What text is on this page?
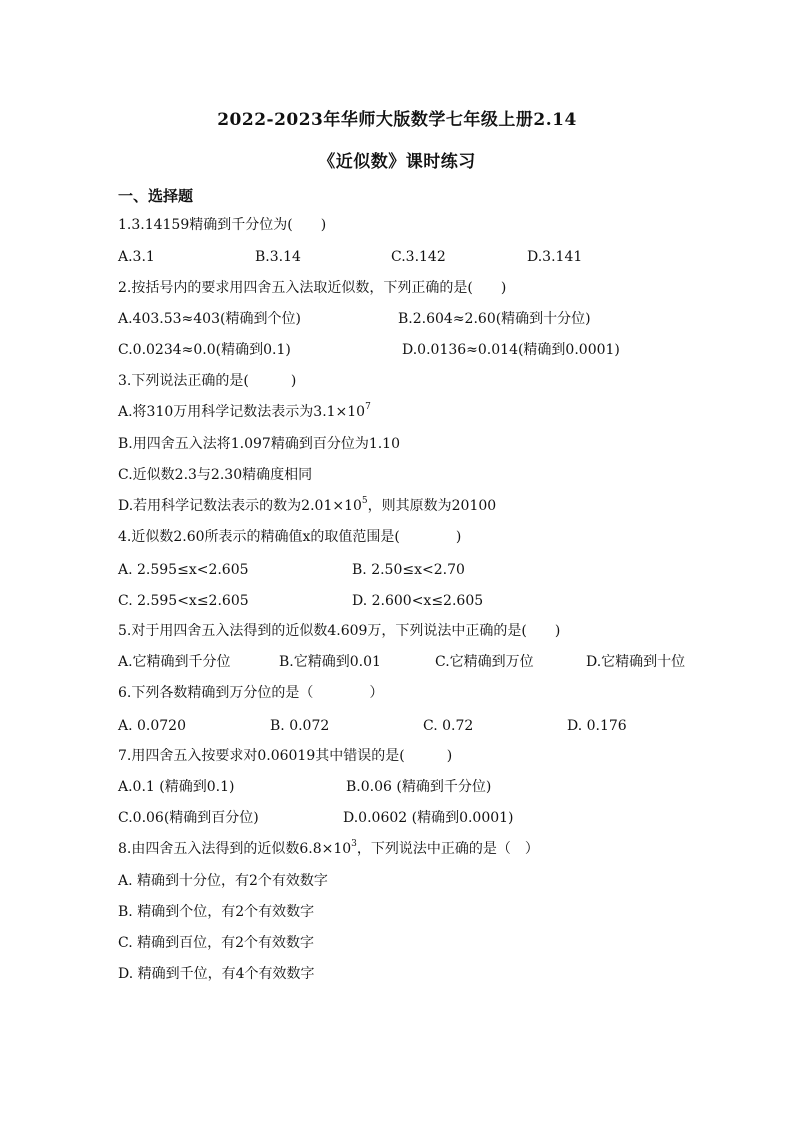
2022-2023年华师大版数学七年级上册2.14
《近似数》课时练习
一、选择题
1.3.14159精确到千分位为(　　)
A.3.1	B.3.14	C.3.142	D.3.141
2.按括号内的要求用四舍五入法取近似数，下列正确的是(　　)
A.403.53≈403(精确到个位)	B.2.604≈2.60(精确到十分位)
C.0.0234≈0.0(精确到0.1)	D.0.0136≈0.014(精确到0.0001)
3.下列说法正确的是(　　　)
A.将310万用科学记数法表示为$3.1\times 10^7$
B.用四舍五入法将1.097精确到百分位为1.10
C.近似数2.3与2.30精确度相同
D.若用科学记数法表示的数为$2.01\times 10^5$，则其原数为20100
4.近似数2.60所表示的精确值x的取值范围是(　　　　)
A. 2.595≤x<2.605	B. 2.50≤x<2.70
C. 2.595<x≤2.605	D. 2.600<x≤2.605
5.对于用四舍五入法得到的近似数4.609万，下列说法中正确的是(　　)
A.它精确到千分位	B.它精确到0.01	C.它精确到万位	D.它精确到十位
6.下列各数精确到万分位的是（　　　　）
A. 0.0720	B. 0.072	C. 0.72	D. 0.176
7.用四舍五入按要求对0.06019其中错误的是(　　　)
A.0.1 (精确到0.1)	B.0.06 (精确到千分位)
C.0.06(精确到百分位)	D.0.0602 (精确到0.0001)
8.由四舍五入法得到的近似数$6.8\times 10^3$，下列说法中正确的是（　）
A. 精确到十分位，有2个有效数字
B. 精确到个位，有2个有效数字
C. 精确到百位，有2个有效数字
D. 精确到千位，有4个有效数字
